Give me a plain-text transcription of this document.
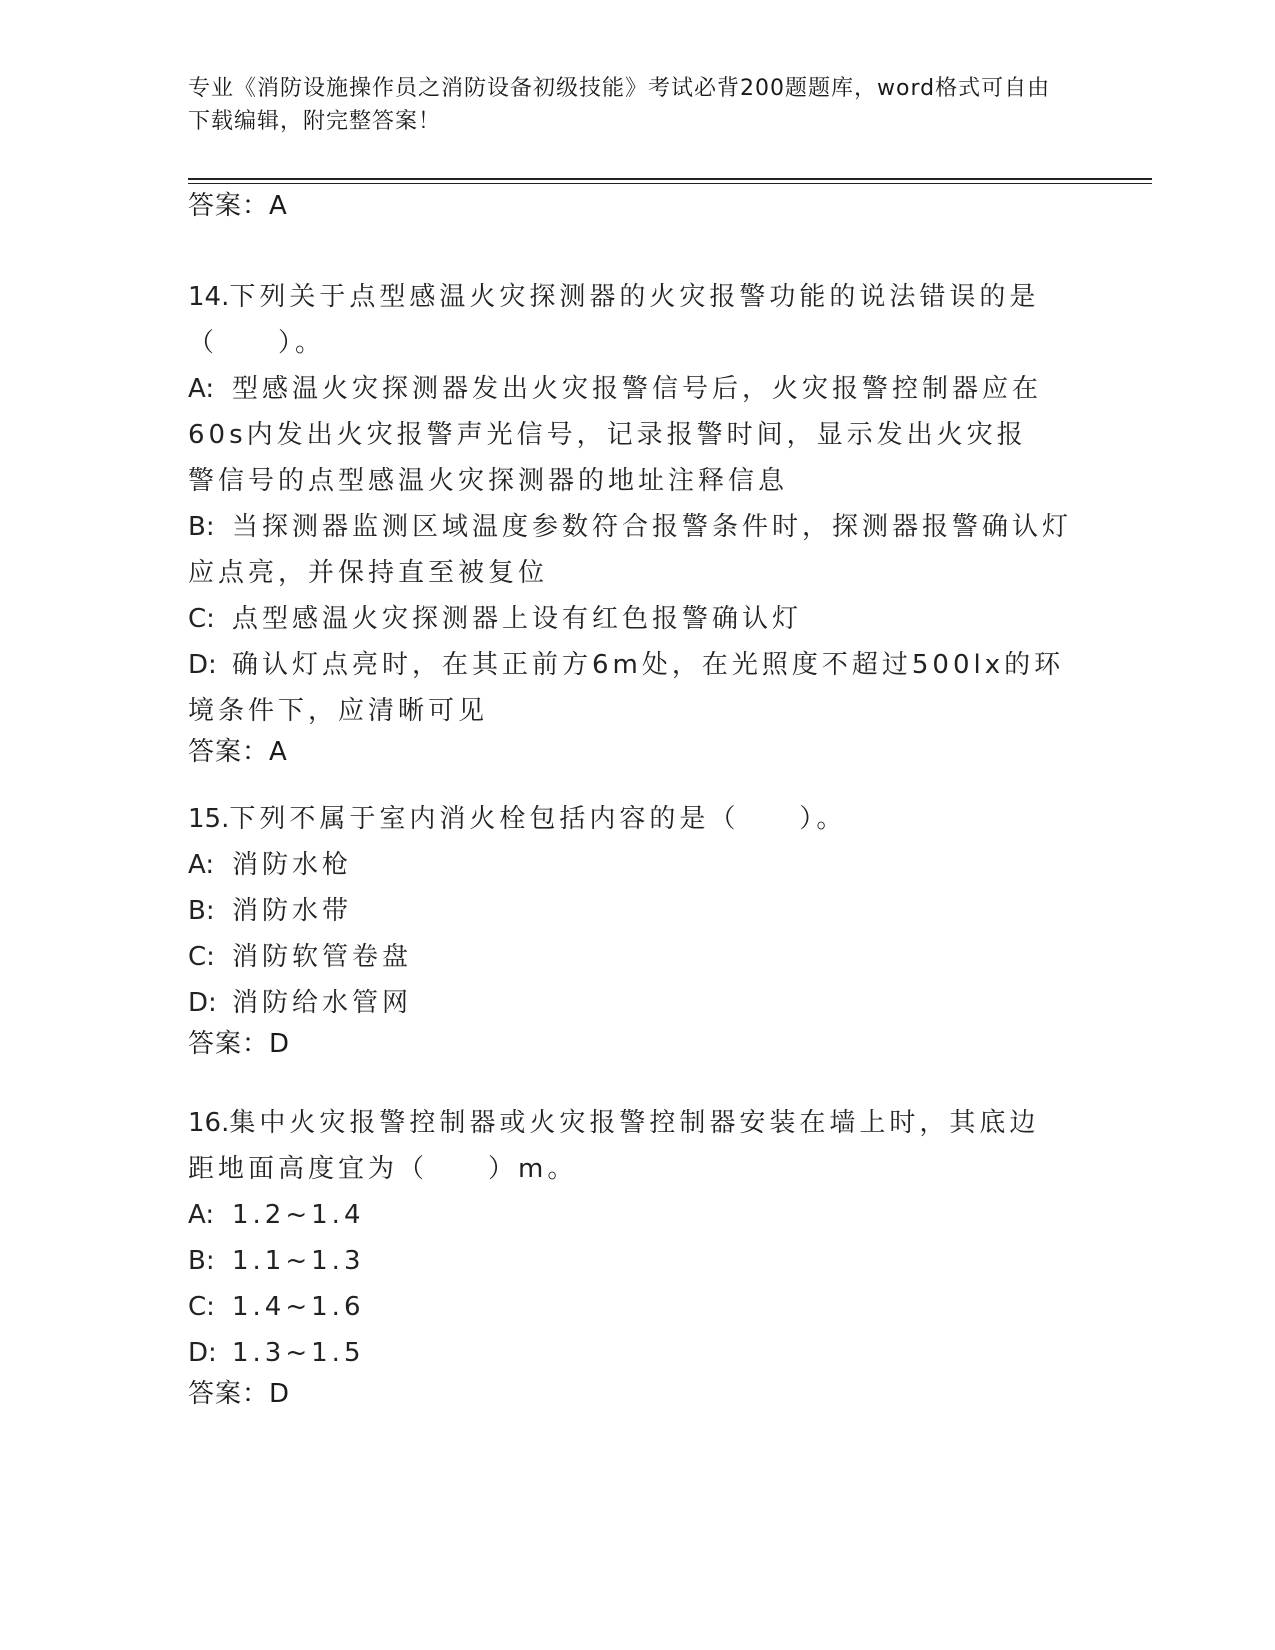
专业《消防设施操作员之消防设备初级技能》考试必背200题题库，word格式可自由下载编辑，附完整答案！
答案：A
14.下列关于点型感温火灾探测器的火灾报警功能的说法错误的是（　　）。
A: 型感温火灾探测器发出火灾报警信号后，火灾报警控制器应在60s内发出火灾报警声光信号，记录报警时间，显示发出火灾报警信号的点型感温火灾探测器的地址注释信息
B: 当探测器监测区域温度参数符合报警条件时，探测器报警确认灯应点亮，并保持直至被复位
C: 点型感温火灾探测器上设有红色报警确认灯
D: 确认灯点亮时，在其正前方6m处，在光照度不超过500lx的环境条件下，应清晰可见
答案：A
15.下列不属于室内消火栓包括内容的是（　　）。
A: 消防水枪
B: 消防水带
C: 消防软管卷盘
D: 消防给水管网
答案：D
16.集中火灾报警控制器或火灾报警控制器安装在墙上时，其底边距地面高度宜为（　　）m。
A: 1.2~1.4
B: 1.1~1.3
C: 1.4~1.6
D: 1.3~1.5
答案：D
